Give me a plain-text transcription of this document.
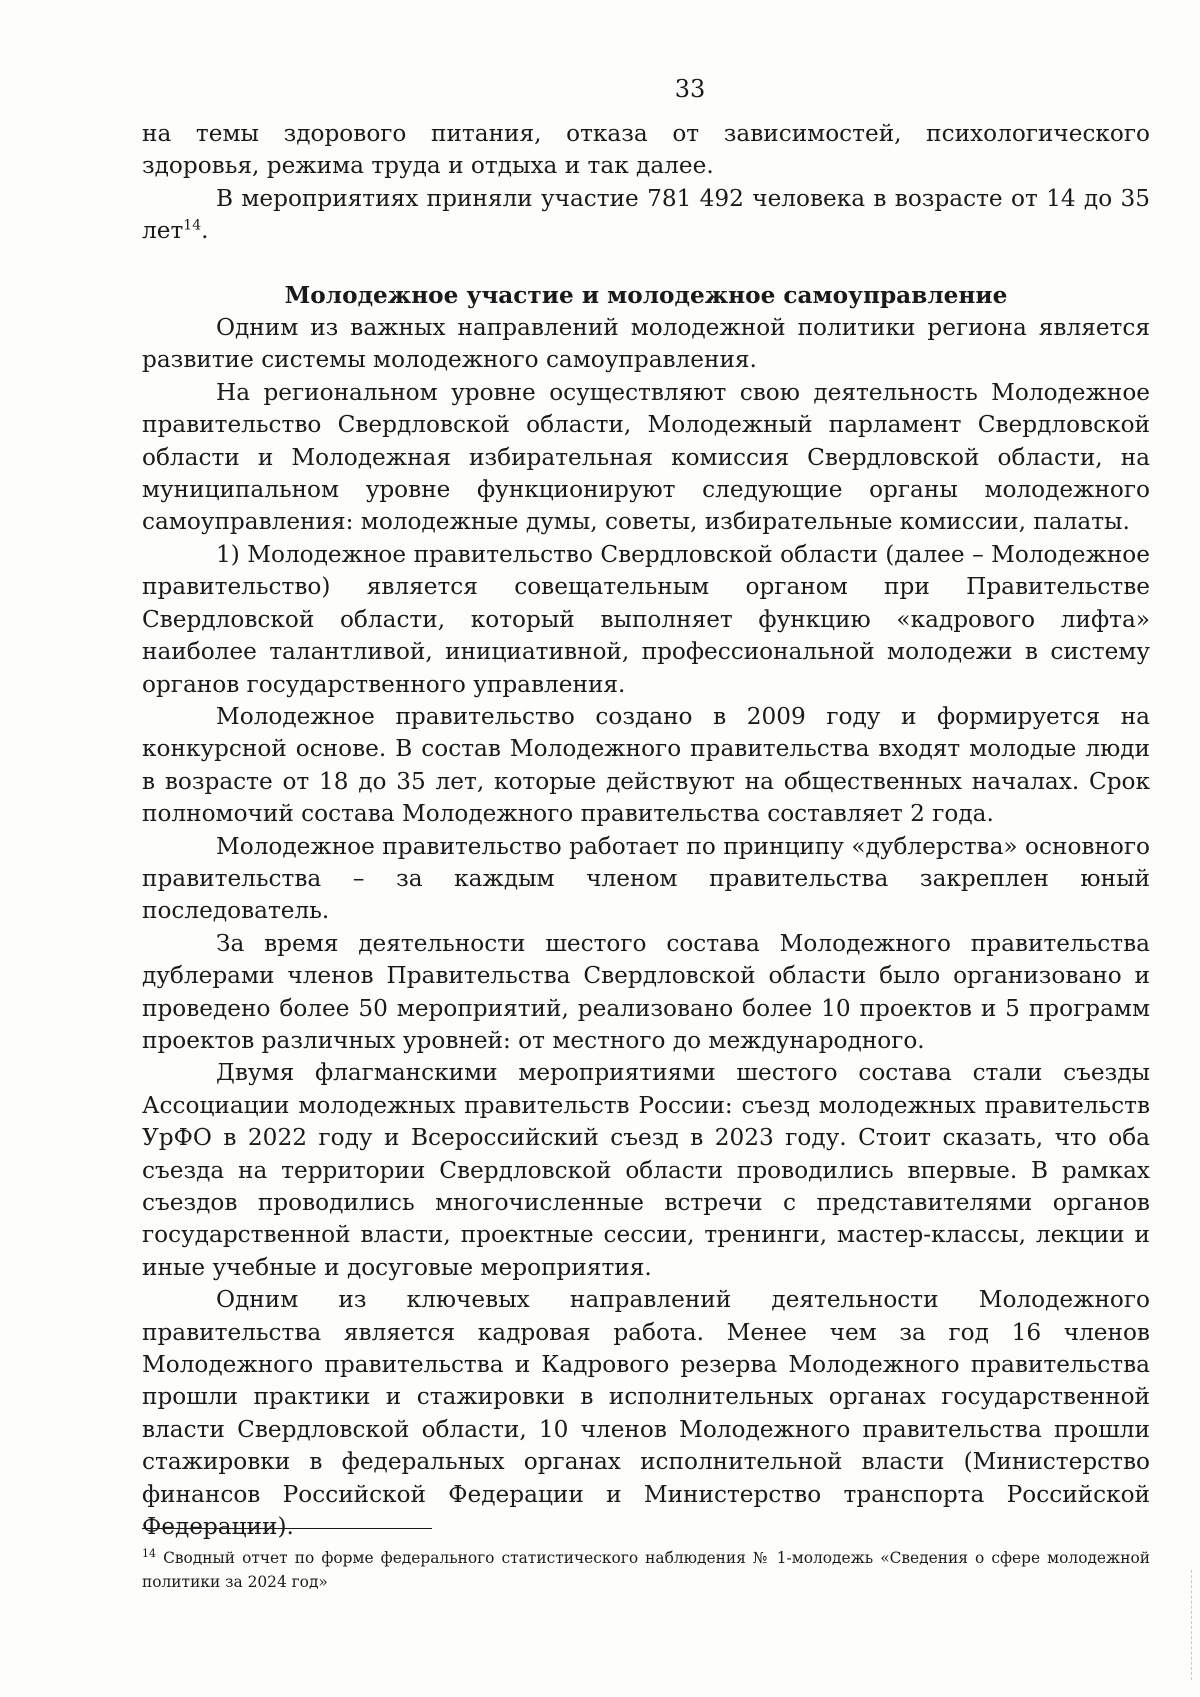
33

на темы здорового питания, отказа от зависимостей, психологического здоровья, режима труда и отдыха и так далее.

В мероприятиях приняли участие 781 492 человека в возрасте от 14 до 35 лет$^{14}$.

Молодежное участие и молодежное самоуправление

Одним из важных направлений молодежной политики региона является развитие системы молодежного самоуправления.

На региональном уровне осуществляют свою деятельность Молодежное правительство Свердловской области, Молодежный парламент Свердловской области и Молодежная избирательная комиссия Свердловской области, на муниципальном уровне функционируют следующие органы молодежного самоуправления: молодежные думы, советы, избирательные комиссии, палаты.

1) Молодежное правительство Свердловской области (далее – Молодежное правительство) является совещательным органом при Правительстве Свердловской области, который выполняет функцию «кадрового лифта» наиболее талантливой, инициативной, профессиональной молодежи в систему органов государственного управления.

Молодежное правительство создано в 2009 году и формируется на конкурсной основе. В состав Молодежного правительства входят молодые люди в возрасте от 18 до 35 лет, которые действуют на общественных началах. Срок полномочий состава Молодежного правительства составляет 2 года.

Молодежное правительство работает по принципу «дублерства» основного правительства – за каждым членом правительства закреплен юный последователь.

За время деятельности шестого состава Молодежного правительства дублерами членов Правительства Свердловской области было организовано и проведено более 50 мероприятий, реализовано более 10 проектов и 5 программ проектов различных уровней: от местного до международного.

Двумя флагманскими мероприятиями шестого состава стали съезды Ассоциации молодежных правительств России: съезд молодежных правительств УрФО в 2022 году и Всероссийский съезд в 2023 году. Стоит сказать, что оба съезда на территории Свердловской области проводились впервые. В рамках съездов проводились многочисленные встречи с представителями органов государственной власти, проектные сессии, тренинги, мастер-классы, лекции и иные учебные и досуговые мероприятия.

Одним из ключевых направлений деятельности Молодежного правительства является кадровая работа. Менее чем за год 16 членов Молодежного правительства и Кадрового резерва Молодежного правительства прошли практики и стажировки в исполнительных органах государственной власти Свердловской области, 10 членов Молодежного правительства прошли стажировки в федеральных органах исполнительной власти (Министерство финансов Российской Федерации и Министерство транспорта Российской Федерации).

$^{14}$ Сводный отчет по форме федерального статистического наблюдения № 1-молодежь «Сведения о сфере молодежной политики за 2024 год»
